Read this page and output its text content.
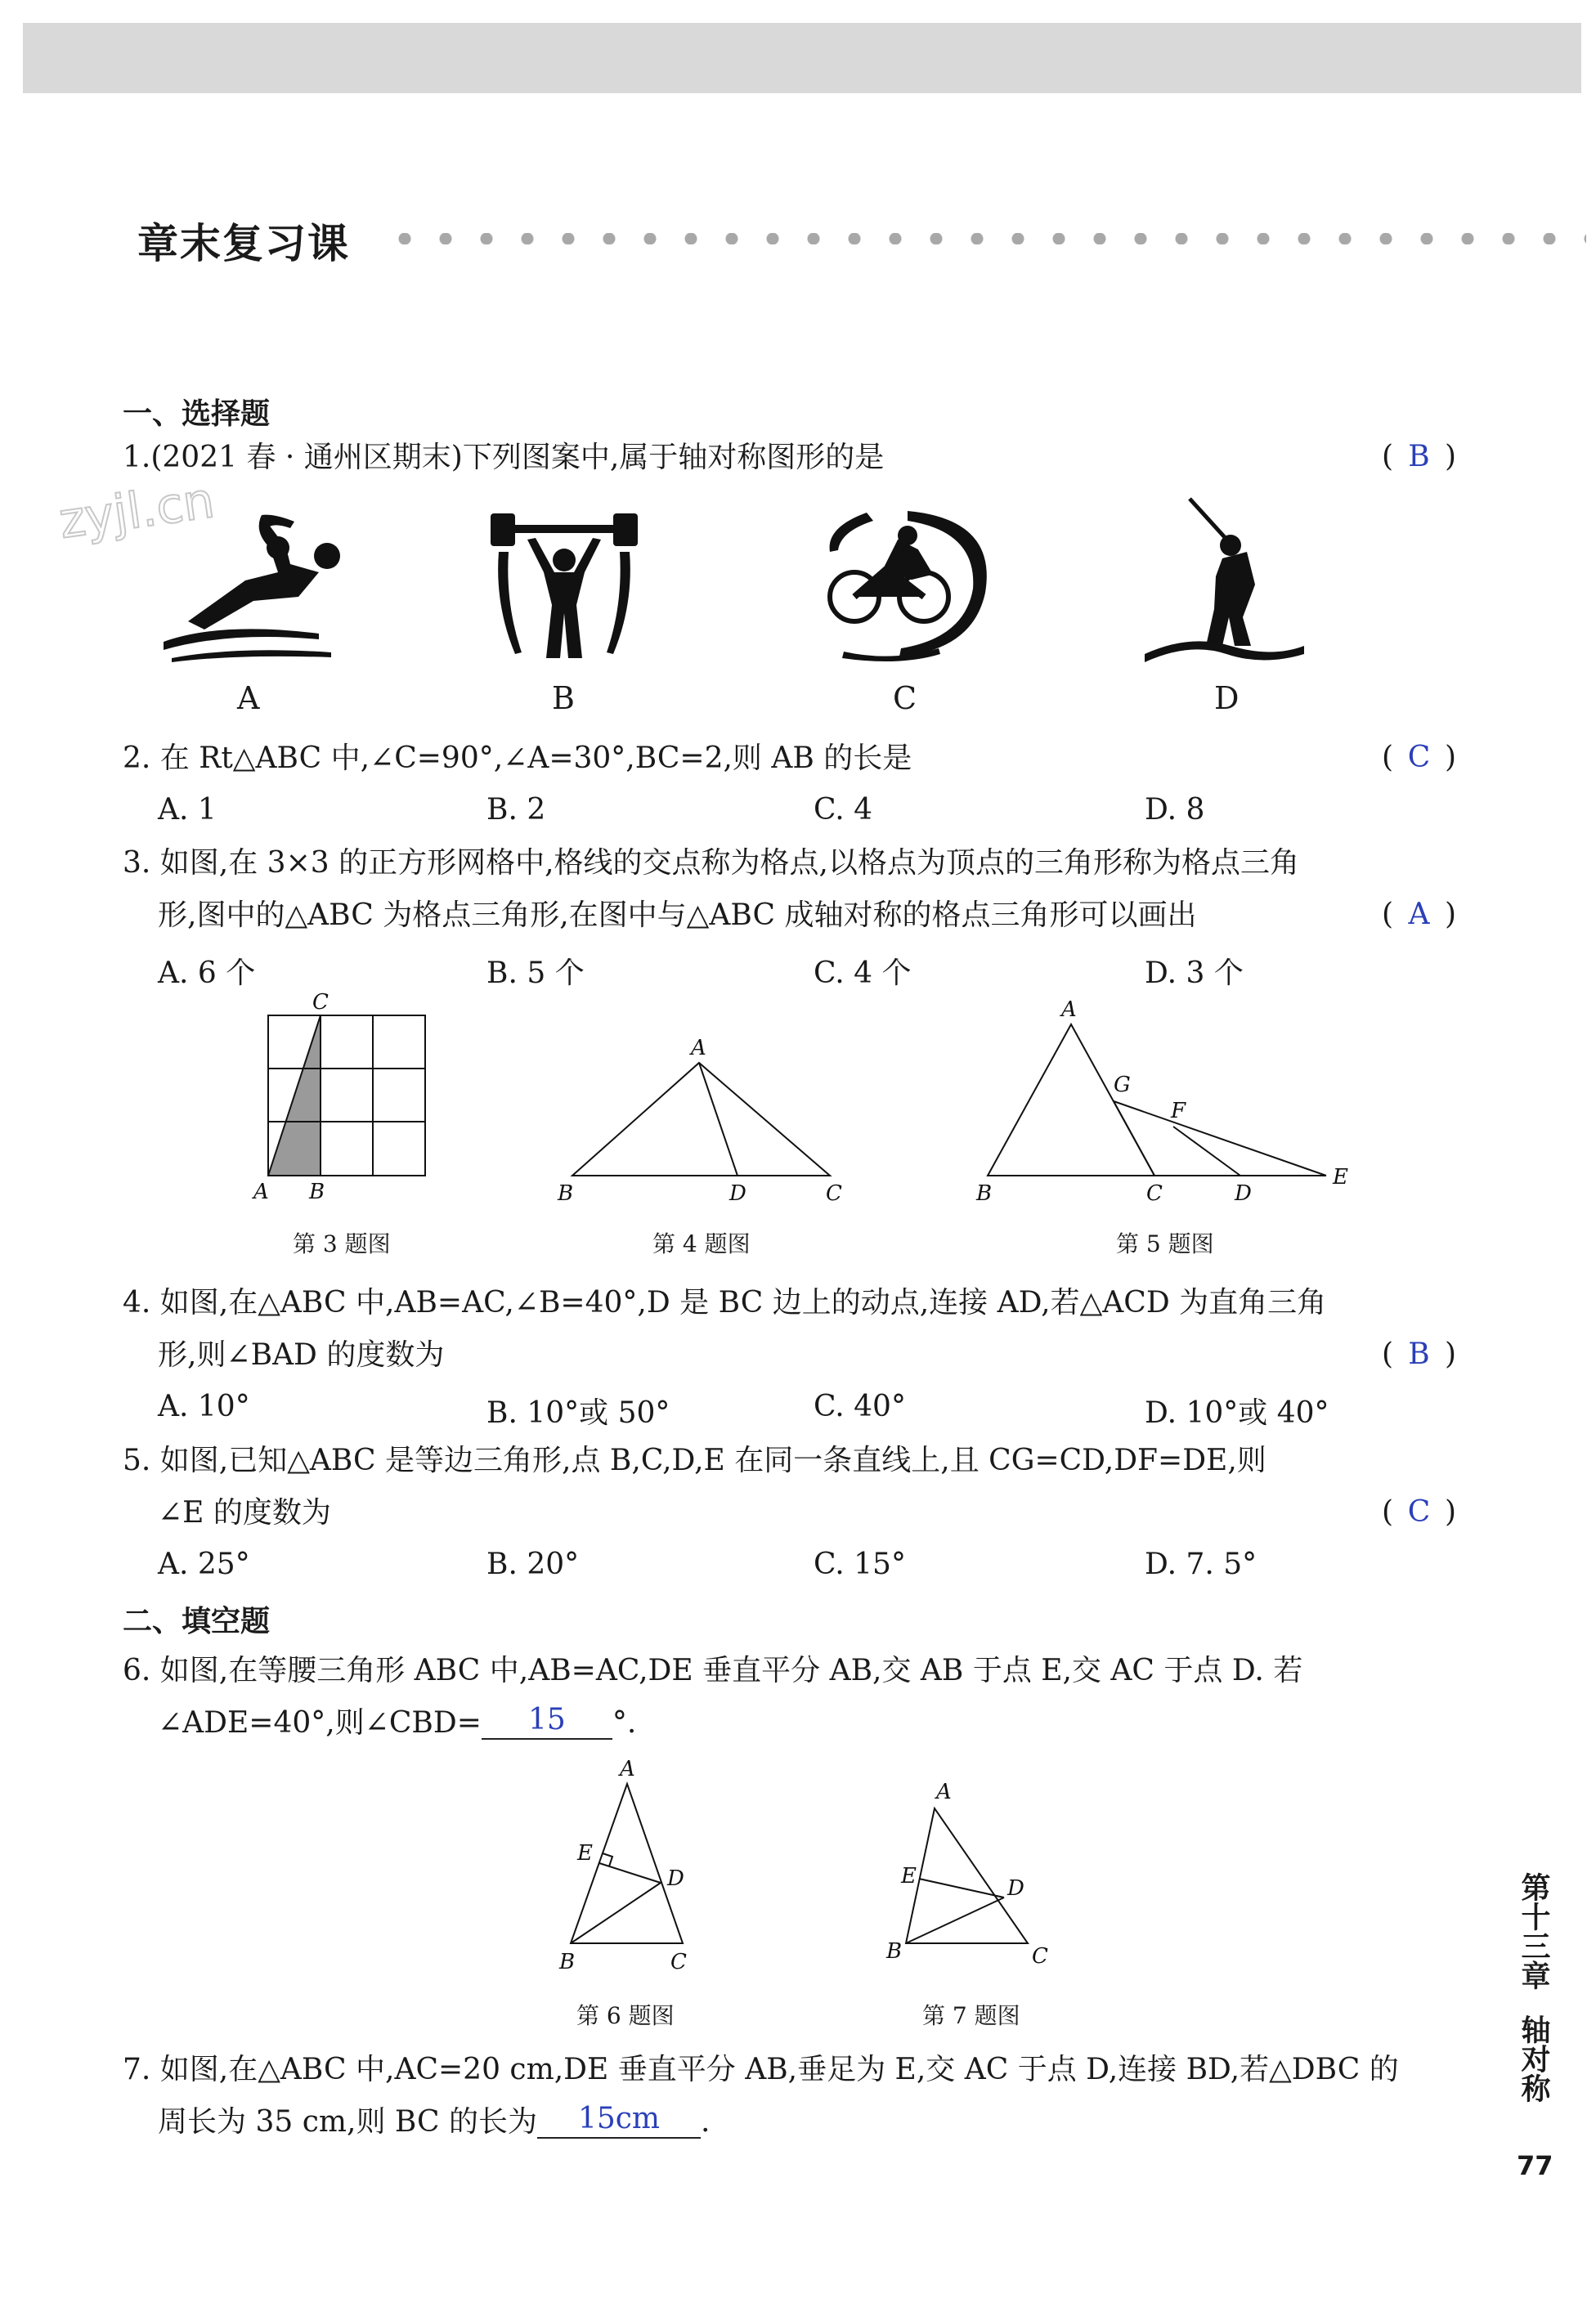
章末复习课
zyjl.cn
一、选择题
1.(2021 春 · 通州区期末)下列图案中,属于轴对称图形的是	( B )
A	B	C	D
2. 在 Rt△ABC 中,∠C=90°,∠A=30°,BC=2,则 AB 的长是	( C )
A. 1	B. 2	C. 4	D. 8
3. 如图,在 3×3 的正方形网格中,格线的交点称为格点,以格点为顶点的三角形称为格点三角
形,图中的△ABC 为格点三角形,在图中与△ABC 成轴对称的格点三角形可以画出	( A )
A. 6 个	B. 5 个	C. 4 个	D. 3 个
C
A B
第 3 题图
A
B	D	C
第 4 题图
A
G
F
B	C	D
E
第 5 题图
4. 如图,在△ABC 中,AB=AC,∠B=40°,D 是 BC 边上的动点,连接 AD,若△ACD 为直角三角
形,则∠BAD 的度数为	( B )
A. 10°	B. 10°或 50°	C. 40°	D. 10°或 40°
5. 如图,已知△ABC 是等边三角形,点 B,C,D,E 在同一条直线上,且 CG=CD,DF=DE,则
∠E 的度数为	( C )
A. 25°	B. 20°	C. 15°	D. 7. 5°
二、填空题
6. 如图,在等腰三角形 ABC 中,AB=AC,DE 垂直平分 AB,交 AB 于点 E,交 AC 于点 D. 若
∠ADE=40°,则∠CBD= 15 °.
A
E
D
B	C
第 6 题图
A
E	D
B	C
第 7 题图
7. 如图,在△ABC 中,AC=20 cm,DE 垂直平分 AB,垂足为 E,交 AC 于点 D,连接 BD,若△DBC 的
周长为 35 cm,则 BC 的长为 15cm .
第十三章
轴对称
77
